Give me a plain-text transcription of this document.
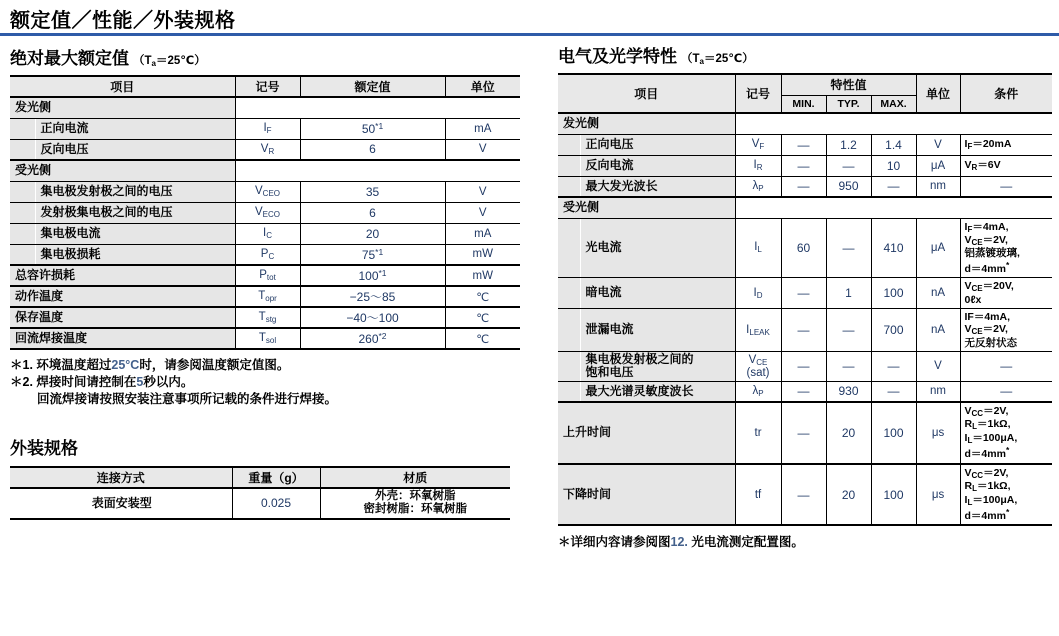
额定值／性能／外装规格
绝对最大额定值 $(T_a=25℃)$
项目		记号	额定值	单位
发光侧				
	正向电流	$I_F$	50$^{*1}$	mA
	反向电压	$V_R$	6	V
受光侧				
	集电极发射极之间的电压	$V_{CEO}$	35	V
	发射极集电极之间的电压	$V_{ECO}$	6	V
	集电极电流	$I_C$	20	mA
	集电极损耗	$P_C$	75$^{*1}$	mW
总容许损耗		$P_{tot}$	100$^{*1}$	mW
动作温度		$T_{opr}$	−25～85	℃
保存温度		$T_{stg}$	−40～100	℃
回流焊接温度		$T_{sol}$	260$^{*2}$	℃
＊1. 环境温度超过25°C时，请参阅温度额定值图。
＊2. 焊接时间请控制在5秒以内。
回流焊接请按照安装注意事项所记载的条件进行焊接。
外装规格
连接方式	重量（g）	材质
表面安装型	0.025	外壳：环氧树脂
密封树脂：环氧树脂
电气及光学特性 $(T_a=25℃)$
项目		记号	特性值			单位	条件
			MIN.	TYP.	MAX.		
发光侧							
	正向电压	$V_F$	—	1.2	1.4	V	$I_F=20mA$
	反向电流	$I_R$	—	—	10	μA	$V_R=6V$
	最大发光波长	$\lambda_P$	—	950	—	nm	—
受光侧							
	光电流	$I_L$	60	—	410	μA	$I_F=4mA$,
$V_{CE}=2V$,
铝蒸镀玻璃,
d＝4mm*
	暗电流	$I_D$	—	1	100	nA	$V_{CE}=20V$,
0ℓx
	泄漏电流	$I_{LEAK}$	—	—	700	nA	IF＝4mA,
$V_{CE}=2V$,
无反射状态
	集电极发射极之间的
饱和电压	$V_{CE}$
(sat)	—	—	—	V	—
	最大光谱灵敏度波长	$\lambda_P$	—	930	—	nm	—
上升时间		tr	—	20	100	μs	$V_{CC}=2V$,
$R_L=1k\Omega$,
$I_L=100\mu A$,
d＝4mm*
下降时间		tf	—	20	100	μs	$V_{CC}=2V$,
$R_L=1k\Omega$,
$I_L=100\mu A$,
d＝4mm*
＊详细内容请参阅图12. 光电流测定配置图。
